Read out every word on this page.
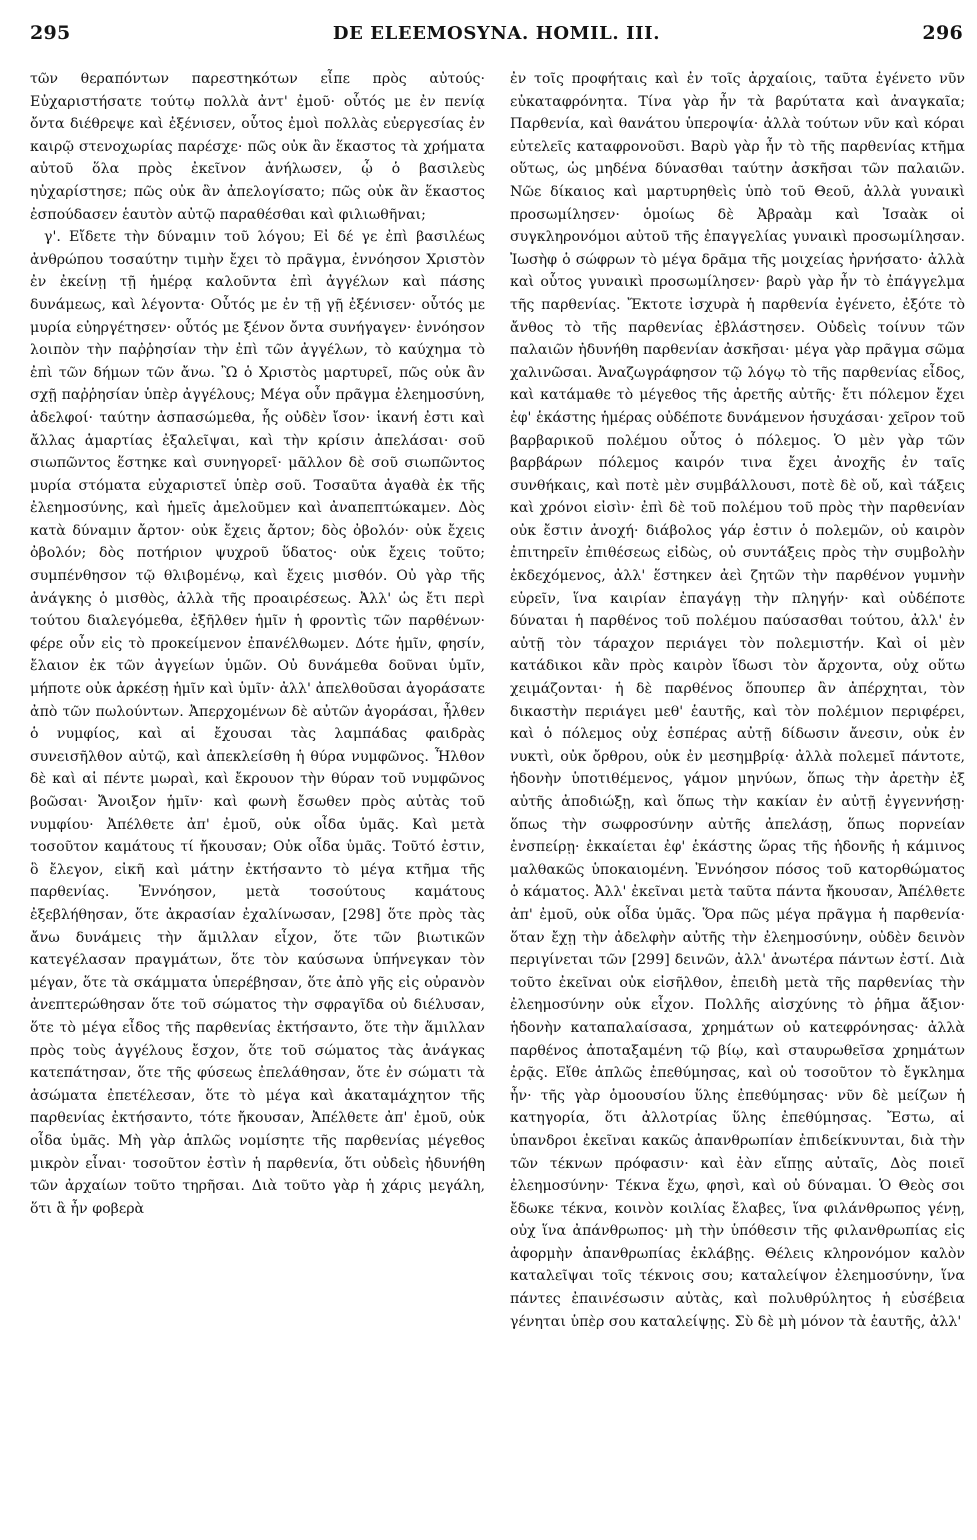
295	DE ELEEMOSYNA. HOMIL. III.	296

τῶν θεραπόντων παρεστηκότων εἶπε πρὸς αὐτούς· Εὐχαριστήσατε τούτῳ πολλὰ ἀντ' ἐμοῦ· οὗτός με ἐν πενίᾳ ὄντα διέθρεψε καὶ ἐξένισεν, οὗτος ἐμοὶ πολλὰς εὐεργεσίας ἐν καιρῷ στενοχωρίας παρέσχε· πῶς οὐκ ἂν ἕκαστος τὰ χρήματα αὐτοῦ ὅλα πρὸς ἐκεῖνον ἀνήλωσεν, ᾧ ὁ βασιλεὺς ηὐχαρίστησε; πῶς οὐκ ἂν ἀπελογίσατο; πῶς οὐκ ἂν ἕκαστος ἐσπούδασεν ἑαυτὸν αὐτῷ παραθέσθαι καὶ φιλιωθῆναι;

γ'. Εἴδετε τὴν δύναμιν τοῦ λόγου; Εἰ δέ γε ἐπὶ βασιλέως ἀνθρώπου τοσαύτην τιμὴν ἔχει τὸ πρᾶγμα, ἐννόησον Χριστὸν ἐν ἐκείνῃ τῇ ἡμέρᾳ καλοῦντα ἐπὶ ἀγγέλων καὶ πάσης δυνάμεως, καὶ λέγοντα· Οὗτός με ἐν τῇ γῇ ἐξένισεν· οὗτός με μυρία εὐηργέτησεν· οὗτός με ξένον ὄντα συνήγαγεν· ἐννόησον λοιπὸν τὴν παῤῥησίαν τὴν ἐπὶ τῶν ἀγγέλων, τὸ καύχημα τὸ ἐπὶ τῶν δήμων τῶν ἄνω. Ὢ ὁ Χριστὸς μαρτυρεῖ, πῶς οὐκ ἂν σχῇ παῤῥησίαν ὑπὲρ ἀγγέλους; Μέγα οὖν πρᾶγμα ἐλεημοσύνη, ἀδελφοί· ταύτην ἀσπασώμεθα, ἧς οὐδὲν ἴσον· ἱκανή ἐστι καὶ ἄλλας ἁμαρτίας ἐξαλεῖψαι, καὶ τὴν κρίσιν ἀπελάσαι· σοῦ σιωπῶντος ἕστηκε καὶ συνηγορεῖ· μᾶλλον δὲ σοῦ σιωπῶντος μυρία στόματα εὐχαριστεῖ ὑπὲρ σοῦ. Τοσαῦτα ἀγαθὰ ἐκ τῆς ἐλεημοσύνης, καὶ ἡμεῖς ἀμελοῦμεν καὶ ἀναπεπτώκαμεν. Δὸς κατὰ δύναμιν ἄρτον· οὐκ ἔχεις ἄρτον; δὸς ὀβολόν· οὐκ ἔχεις ὀβολόν; δὸς ποτήριον ψυχροῦ ὕδατος· οὐκ ἔχεις τοῦτο; συμπένθησον τῷ θλιβομένῳ, καὶ ἔχεις μισθόν. Οὐ γὰρ τῆς ἀνάγκης ὁ μισθὸς, ἀλλὰ τῆς προαιρέσεως. Ἀλλ' ὡς ἔτι περὶ τούτου διαλεγόμεθα, ἐξῆλθεν ἡμῖν ἡ φροντὶς τῶν παρθένων· φέρε οὖν εἰς τὸ προκείμενον ἐπανέλθωμεν. Δότε ἡμῖν, φησίν, ἔλαιον ἐκ τῶν ἀγγείων ὑμῶν. Οὐ δυνάμεθα δοῦναι ὑμῖν, μήποτε οὐκ ἀρκέσῃ ἡμῖν καὶ ὑμῖν· ἀλλ' ἀπελθοῦσαι ἀγοράσατε ἀπὸ τῶν πωλούντων. Ἀπερχομένων δὲ αὐτῶν ἀγοράσαι, ἦλθεν ὁ νυμφίος, καὶ αἱ ἔχουσαι τὰς λαμπάδας φαιδρὰς συνεισῆλθον αὐτῷ, καὶ ἀπεκλείσθη ἡ θύρα νυμφῶνος. Ἦλθον δὲ καὶ αἱ πέντε μωραὶ, καὶ ἔκρουον τὴν θύραν τοῦ νυμφῶνος βοῶσαι· Ἄνοιξον ἡμῖν· καὶ φωνὴ ἔσωθεν πρὸς αὐτὰς τοῦ νυμφίου· Ἀπέλθετε ἀπ' ἐμοῦ, οὐκ οἶδα ὑμᾶς. Καὶ μετὰ τοσοῦτον καμάτους τί ἤκουσαν; Οὐκ οἶδα ὑμᾶς. Τοῦτό ἐστιν, ὃ ἔλεγον, εἰκῆ καὶ μάτην ἐκτήσαντο τὸ μέγα κτῆμα τῆς παρθενίας. Ἐννόησον, μετὰ τοσούτους καμάτους ἐξεβλήθησαν, ὅτε ἀκρασίαν ἐχαλίνωσαν, [298] ὅτε πρὸς τὰς ἄνω δυνάμεις τὴν ἅμιλλαν εἶχον, ὅτε τῶν βιωτικῶν κατεγέλασαν πραγμάτων, ὅτε τὸν καύσωνα ὑπήνεγκαν τὸν μέγαν, ὅτε τὰ σκάμματα ὑπερέβησαν, ὅτε ἀπὸ γῆς εἰς οὐρανὸν ἀνεπτερώθησαν ὅτε τοῦ σώματος τὴν σφραγῖδα οὐ διέλυσαν, ὅτε τὸ μέγα εἶδος τῆς παρθενίας ἐκτήσαντο, ὅτε τὴν ἅμιλλαν πρὸς τοὺς ἀγγέλους ἔσχον, ὅτε τοῦ σώματος τὰς ἀνάγκας κατεπάτησαν, ὅτε τῆς φύσεως ἐπελάθησαν, ὅτε ἐν σώματι τὰ ἀσώματα ἐπετέλεσαν, ὅτε τὸ μέγα καὶ ἀκαταμάχητον τῆς παρθενίας ἐκτήσαντο, τότε ἤκουσαν, Ἀπέλθετε ἀπ' ἐμοῦ, οὐκ οἶδα ὑμᾶς. Μὴ γὰρ ἁπλῶς νομίσητε τῆς παρθενίας μέγεθος μικρὸν εἶναι· τοσοῦτον ἐστὶν ἡ παρθενία, ὅτι οὐδεὶς ἠδυνήθη τῶν ἀρχαίων τοῦτο τηρῆσαι. Διὰ τοῦτο γὰρ ἡ χάρις μεγάλη, ὅτι ἃ ἦν φοβερὰ

ἐν τοῖς προφήταις καὶ ἐν τοῖς ἀρχαίοις, ταῦτα ἐγένετο νῦν εὐκαταφρόνητα. Τίνα γὰρ ἦν τὰ βαρύτατα καὶ ἀναγκαῖα; Παρθενία, καὶ θανάτου ὑπεροψία· ἀλλὰ τούτων νῦν καὶ κόραι εὐτελεῖς καταφρονοῦσι. Βαρὺ γὰρ ἦν τὸ τῆς παρθενίας κτῆμα οὕτως, ὡς μηδένα δύνασθαι ταύτην ἀσκῆσαι τῶν παλαιῶν. Νῶε δίκαιος καὶ μαρτυρηθεὶς ὑπὸ τοῦ Θεοῦ, ἀλλὰ γυναικὶ προσωμίλησεν· ὁμοίως δὲ Ἀβραὰμ καὶ Ἰσαὰκ οἱ συγκληρονόμοι αὐτοῦ τῆς ἐπαγγελίας γυναικὶ προσωμίλησαν. Ἰωσὴφ ὁ σώφρων τὸ μέγα δρᾶμα τῆς μοιχείας ἠρνήσατο· ἀλλὰ καὶ οὗτος γυναικὶ προσωμίλησεν· βαρὺ γὰρ ἦν τὸ ἐπάγγελμα τῆς παρθενίας. Ἔκτοτε ἰσχυρὰ ἡ παρθενία ἐγένετο, ἐξότε τὸ ἄνθος τὸ τῆς παρθενίας ἐβλάστησεν. Οὐδεὶς τοίνυν τῶν παλαιῶν ἠδυνήθη παρθενίαν ἀσκῆσαι· μέγα γὰρ πρᾶγμα σῶμα χαλινῶσαι. Ἀναζωγράφησον τῷ λόγῳ τὸ τῆς παρθενίας εἶδος, καὶ κατάμαθε τὸ μέγεθος τῆς ἀρετῆς αὐτῆς· ἔτι πόλεμον ἔχει ἐφ' ἑκάστης ἡμέρας οὐδέποτε δυνάμενον ἡσυχάσαι· χεῖρον τοῦ βαρβαρικοῦ πολέμου οὗτος ὁ πόλεμος. Ὁ μὲν γὰρ τῶν βαρβάρων πόλεμος καιρόν τινα ἔχει ἀνοχῆς ἐν ταῖς συνθήκαις, καὶ ποτὲ μὲν συμβάλλουσι, ποτὲ δὲ οὔ, καὶ τάξεις καὶ χρόνοι εἰσὶν· ἐπὶ δὲ τοῦ πολέμου τοῦ πρὸς τὴν παρθενίαν οὐκ ἔστιν ἀνοχή· διάβολος γάρ ἐστιν ὁ πολεμῶν, οὐ καιρὸν ἐπιτηρεῖν ἐπιθέσεως εἰδὼς, οὐ συντάξεις πρὸς τὴν συμβολὴν ἐκδεχόμενος, ἀλλ' ἕστηκεν ἀεὶ ζητῶν τὴν παρθένον γυμνὴν εὑρεῖν, ἵνα καιρίαν ἐπαγάγῃ τὴν πληγήν· καὶ οὐδέποτε δύναται ἡ παρθένος τοῦ πολέμου παύσασθαι τούτου, ἀλλ' ἐν αὐτῇ τὸν τάραχον περιάγει τὸν πολεμιστήν. Καὶ οἱ μὲν κατάδικοι κἂν πρὸς καιρὸν ἴδωσι τὸν ἄρχοντα, οὐχ οὕτω χειμάζονται· ἡ δὲ παρθένος ὅπουπερ ἂν ἀπέρχηται, τὸν δικαστὴν περιάγει μεθ' ἑαυτῆς, καὶ τὸν πολέμιον περιφέρει, καὶ ὁ πόλεμος οὐχ ἑσπέρας αὐτῇ δίδωσιν ἄνεσιν, οὐκ ἐν νυκτὶ, οὐκ ὄρθρου, οὐκ ἐν μεσημβρίᾳ· ἀλλὰ πολεμεῖ πάντοτε, ἡδονὴν ὑποτιθέμενος, γάμον μηνύων, ὅπως τὴν ἀρετὴν ἐξ αὐτῆς ἀποδιώξῃ, καὶ ὅπως τὴν κακίαν ἐν αὐτῇ ἐγγεννήσῃ· ὅπως τὴν σωφροσύνην αὐτῆς ἀπελάσῃ, ὅπως πορνείαν ἐνσπείρῃ· ἐκκαίεται ἐφ' ἑκάστης ὥρας τῆς ἡδονῆς ἡ κάμινος μαλθακῶς ὑποκαιομένη. Ἐννόησον πόσος τοῦ κατορθώματος ὁ κάματος. Ἀλλ' ἐκεῖναι μετὰ ταῦτα πάντα ἤκουσαν, Ἀπέλθετε ἀπ' ἐμοῦ, οὐκ οἶδα ὑμᾶς. Ὅρα πῶς μέγα πρᾶγμα ἡ παρθενία· ὅταν ἔχῃ τὴν ἀδελφὴν αὐτῆς τὴν ἐλεημοσύνην, οὐδὲν δεινὸν περιγίνεται τῶν [299] δεινῶν, ἀλλ' ἀνωτέρα πάντων ἐστί. Διὰ τοῦτο ἐκεῖναι οὐκ εἰσῆλθον, ἐπειδὴ μετὰ τῆς παρθενίας τὴν ἐλεημοσύνην οὐκ εἶχον. Πολλῆς αἰσχύνης τὸ ῥῆμα ἄξιον· ἡδονὴν καταπαλαίσασα, χρημάτων οὐ κατεφρόνησας· ἀλλὰ παρθένος ἀποταξαμένη τῷ βίῳ, καὶ σταυρωθεῖσα χρημάτων ἐρᾷς. Εἴθε ἁπλῶς ἐπεθύμησας, καὶ οὐ τοσοῦτον τὸ ἔγκλημα ἦν· τῆς γὰρ ὁμοουσίου ὕλης ἐπεθύμησας· νῦν δὲ μείζων ἡ κατηγορία, ὅτι ἀλλοτρίας ὕλης ἐπεθύμησας. Ἔστω, αἱ ὑπανδροι ἐκεῖναι κακῶς ἀπανθρωπίαν ἐπιδείκνυνται, διὰ τὴν τῶν τέκνων πρόφασιν· καὶ ἐὰν εἴπῃς αὐταῖς, Δὸς ποιεῖ ἐλεημοσύνην· Τέκνα ἔχω, φησὶ, καὶ οὐ δύναμαι. Ὁ Θεὸς σοι ἔδωκε τέκνα, κοινὸν κοιλίας ἔλαβες, ἵνα φιλάνθρωπος γένῃ, οὐχ ἵνα ἀπάνθρωπος· μὴ τὴν ὑπόθεσιν τῆς φιλανθρωπίας εἰς ἀφορμὴν ἀπανθρωπίας ἐκλάβῃς. Θέλεις κληρονόμον καλὸν καταλεῖψαι τοῖς τέκνοις σου; καταλείψον ἐλεημοσύνην, ἵνα πάντες ἐπαινέσωσιν αὐτὰς, καὶ πολυθρύλητος ἡ εὐσέβεια γένηται ὑπὲρ σου καταλείψῃς. Σὺ δὲ μὴ μόνον τὰ ἑαυτῆς, ἀλλ'
